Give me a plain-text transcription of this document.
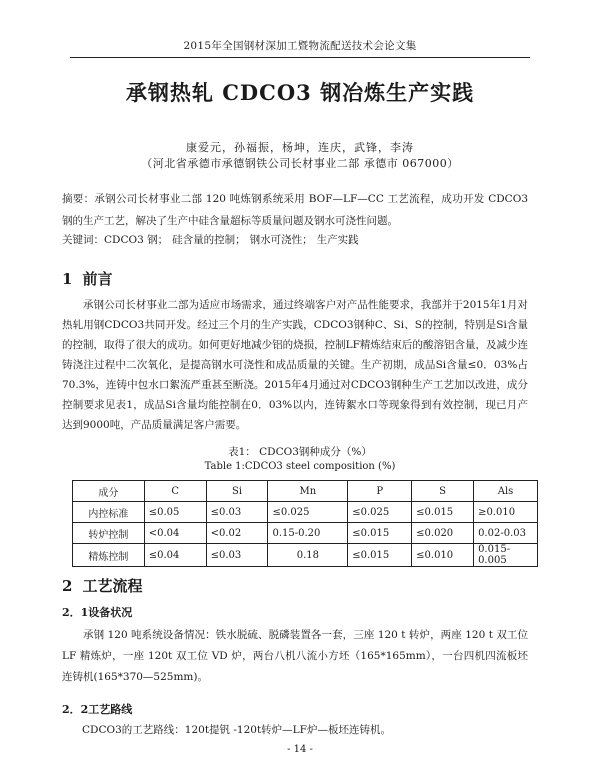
2015年全国钢材深加工暨物流配送技术会论文集
承钢热轧 CDCO3 钢冶炼生产实践
康爱元，孙福振，杨坤，连庆，武锋，李涛
（河北省承德市承德钢铁公司长材事业二部 承德市 067000）
摘要：承钢公司长材事业二部 120 吨炼钢系统采用 BOF—LF—CC 工艺流程，成功开发 CDCO3 钢的生产工艺，解决了生产中硅含量超标等质量问题及钢水可浇性问题。
关键词：CDCO3 钢； 硅含量的控制； 钢水可浇性； 生产实践
1 前言
承钢公司长材事业二部为适应市场需求，通过终端客户对产品性能要求，我部并于2015年1月对热轧用钢CDCO3共同开发。经过三个月的生产实践，CDCO3钢种C、Si、S的控制，特别是Si含量的控制，取得了很大的成功。如何更好地减少铝的烧损，控制LF精炼结束后的酸溶铝含量，及减少连铸浇注过程中二次氧化，是提高钢水可浇性和成品质量的关键。生产初期，成品Si含量≤0．03%占70.3%，连铸中包水口絮流严重甚至断浇。2015年4月通过对CDCO3钢种生产工艺加以改进，成分控制要求见表1，成品Si含量均能控制在0．03%以内，连铸絮水口等现象得到有效控制，现已月产达到9000吨，产品质量满足客户需要。
表1： CDCO3钢种成分（%）
Table 1:CDCO3 steel composition (%)
成分	C	Si	Mn	P	S	Als
内控标准	≤0.05	≤0.03	≤0.025	≤0.025	≤0.015	≥0.010
转炉控制	<0.04	<0.02	0.15-0.20	≤0.015	≤0.020	0.02-0.03
精炼控制	≤0.04	≤0.03	0.18	≤0.015	≤0.010	0.015-0.005
2 工艺流程
2．1设备状况
承钢 120 吨系统设备情况：铁水脱硫、脱磷装置各一套，三座 120 t 转炉，两座 120 t 双工位 LF 精炼炉，一座 120t 双工位 VD 炉，两台八机八流小方坯（165*165mm），一台四机四流板坯连铸机(165*370—525mm)。
2．2工艺路线
CDCO3的工艺路线：120t提钒 -120t转炉—LF炉—板坯连铸机。
- 14 -
